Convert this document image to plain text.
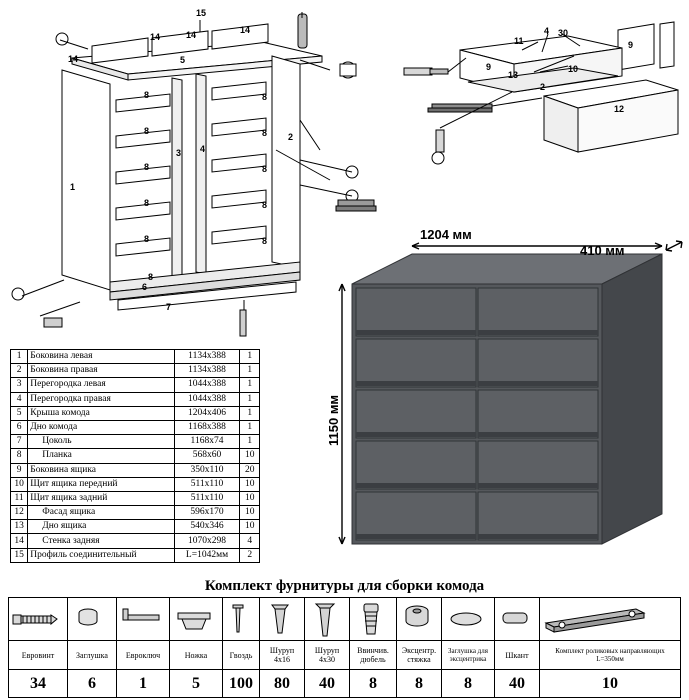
15
14	14	14
14	5
8
8
8
8
8
8
8
8
8
8
8
3 4
1
2
6
7
11
4 30
10
13
2
9
9
12
1204 мм
410 мм
1150 мм
1	Боковина левая	1134х388	1
2	Боковина правая	1134х388	1
3	Перегородка левая	1044х388	1
4	Перегородка правая	1044х388	1
5	Крыша комода	1204х406	1
6	Дно комода	1168х388	1
7	Цоколь	1168х74	1
8	Планка	568х60	10
9	Боковина ящика	350х110	20
10	Щит ящика передний	511х110	10
11	Щит ящика задний	511х110	10
12	Фасад ящика	596х170	10
13	Дно ящика	540х346	10
14	Стенка задняя	1070х298	4
15	Профиль соединительный	L=1042мм	2
Комплект фурнитуры для сборки комода

Евровинт	Заглушка	Евроключ	Ножка	Гвоздь	Шуруп 4х16	Шуруп 4х30	Ввинчив. дюбель	Эксцентр. стяжка	Заглушка для эксцентрика	Шкант	Комплект роликовых направляющих L=350мм
34	6	1	5	100	80	40	8	8	8	40	10
